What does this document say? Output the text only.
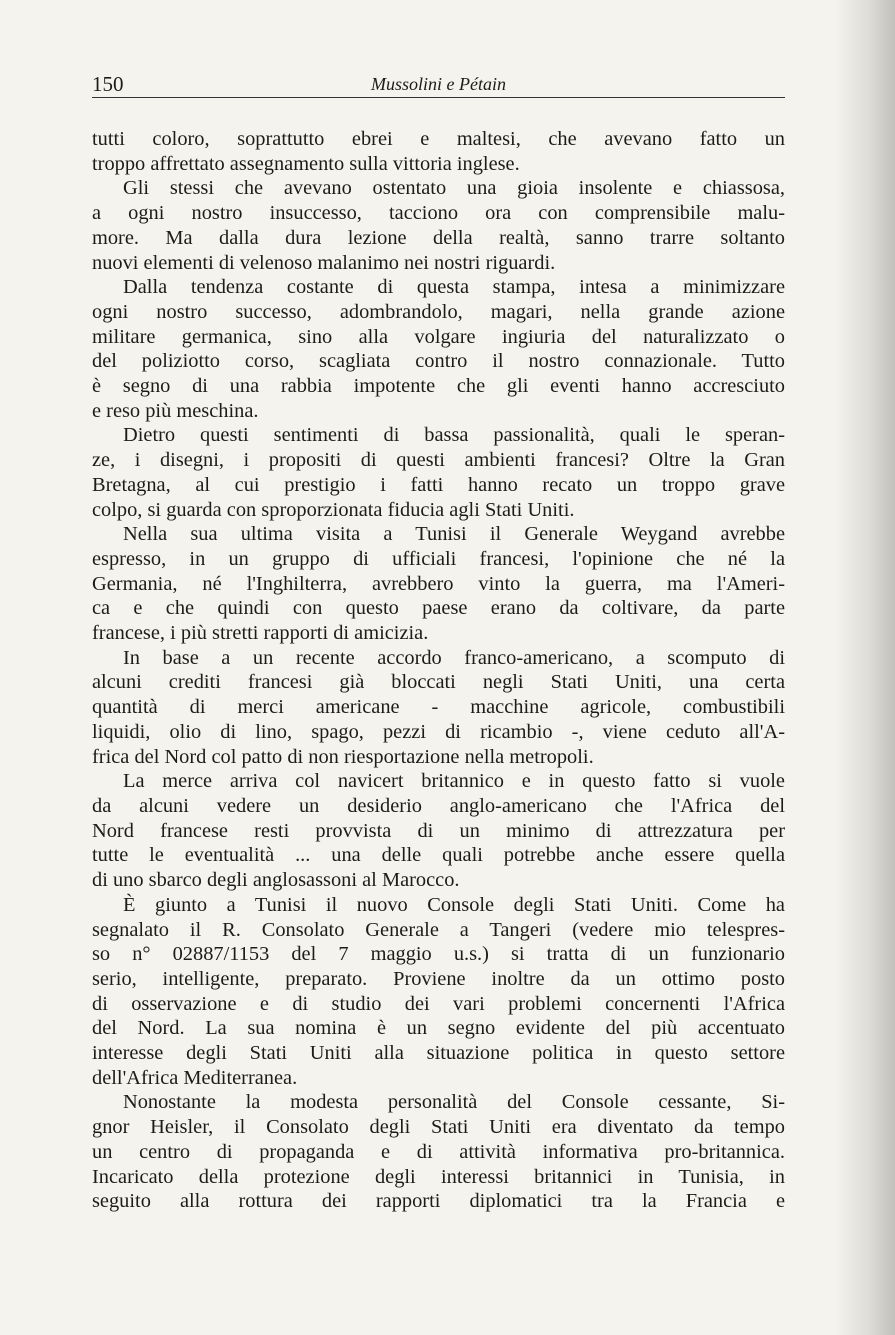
150	Mussolini e Pétain

tutti coloro, soprattutto ebrei e maltesi, che avevano fatto un

troppo affrettato assegnamento sulla vittoria inglese.

Gli stessi che avevano ostentato una gioia insolente e chiassosa,

a ogni nostro insuccesso, tacciono ora con comprensibile malu-

more. Ma dalla dura lezione della realtà, sanno trarre soltanto

nuovi elementi di velenoso malanimo nei nostri riguardi.

Dalla tendenza costante di questa stampa, intesa a minimizzare

ogni nostro successo, adombrandolo, magari, nella grande azione

militare germanica, sino alla volgare ingiuria del naturalizzato o

del poliziotto corso, scagliata contro il nostro connazionale. Tutto

è segno di una rabbia impotente che gli eventi hanno accresciuto

e reso più meschina.

Dietro questi sentimenti di bassa passionalità, quali le speran-

ze, i disegni, i propositi di questi ambienti francesi? Oltre la Gran

Bretagna, al cui prestigio i fatti hanno recato un troppo grave

colpo, si guarda con sproporzionata fiducia agli Stati Uniti.

Nella sua ultima visita a Tunisi il Generale Weygand avrebbe

espresso, in un gruppo di ufficiali francesi, l'opinione che né la

Germania, né l'Inghilterra, avrebbero vinto la guerra, ma l'Ameri-

ca e che quindi con questo paese erano da coltivare, da parte

francese, i più stretti rapporti di amicizia.

In base a un recente accordo franco-americano, a scomputo di

alcuni crediti francesi già bloccati negli Stati Uniti, una certa

quantità di merci americane - macchine agricole, combustibili

liquidi, olio di lino, spago, pezzi di ricambio -, viene ceduto all'A-

frica del Nord col patto di non riesportazione nella metropoli.

La merce arriva col navicert britannico e in questo fatto si vuole

da alcuni vedere un desiderio anglo-americano che l'Africa del

Nord francese resti provvista di un minimo di attrezzatura per

tutte le eventualità ... una delle quali potrebbe anche essere quella

di uno sbarco degli anglosassoni al Marocco.

È giunto a Tunisi il nuovo Console degli Stati Uniti. Come ha

segnalato il R. Consolato Generale a Tangeri (vedere mio telespres-

so n° 02887/1153 del 7 maggio u.s.) si tratta di un funzionario

serio, intelligente, preparato. Proviene inoltre da un ottimo posto

di osservazione e di studio dei vari problemi concernenti l'Africa

del Nord. La sua nomina è un segno evidente del più accentuato

interesse degli Stati Uniti alla situazione politica in questo settore

dell'Africa Mediterranea.

Nonostante la modesta personalità del Console cessante, Si-

gnor Heisler, il Consolato degli Stati Uniti era diventato da tempo

un centro di propaganda e di attività informativa pro-britannica.

Incaricato della protezione degli interessi britannici in Tunisia, in

seguito alla rottura dei rapporti diplomatici tra la Francia e
